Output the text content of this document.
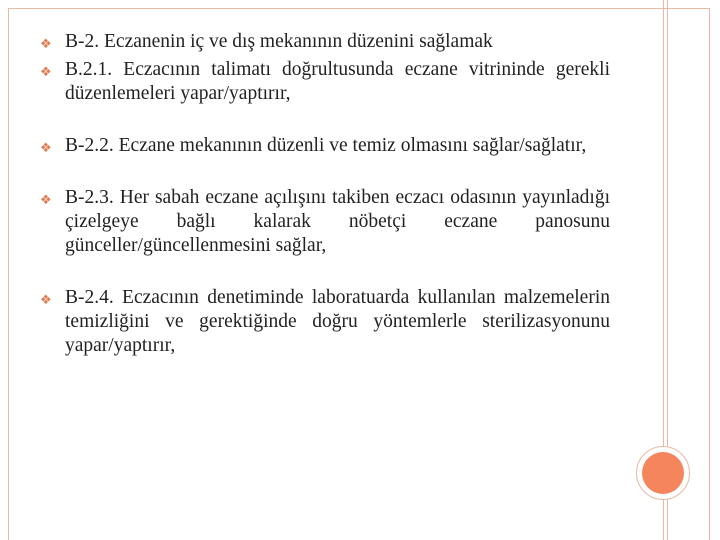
❖ B-2. Eczanenin iç ve dış mekanının düzenini sağlamak
❖ B.2.1. Eczacının talimatı doğrultusunda eczane vitrininde gerekli düzenlemeleri yapar/yaptırır,
❖ B-2.2. Eczane mekanının düzenli ve temiz olmasını sağlar/sağlatır,
❖ B-2.3. Her sabah eczane açılışını takiben eczacı odasının yayınladığı çizelgeye bağlı kalarak nöbetçi eczane panosunu günceller/güncellenmesini sağlar,
❖ B-2.4. Eczacının denetiminde laboratuarda kullanılan malzemelerin temizliğini ve gerektiğinde doğru yöntemlerle sterilizasyonunu yapar/yaptırır,
